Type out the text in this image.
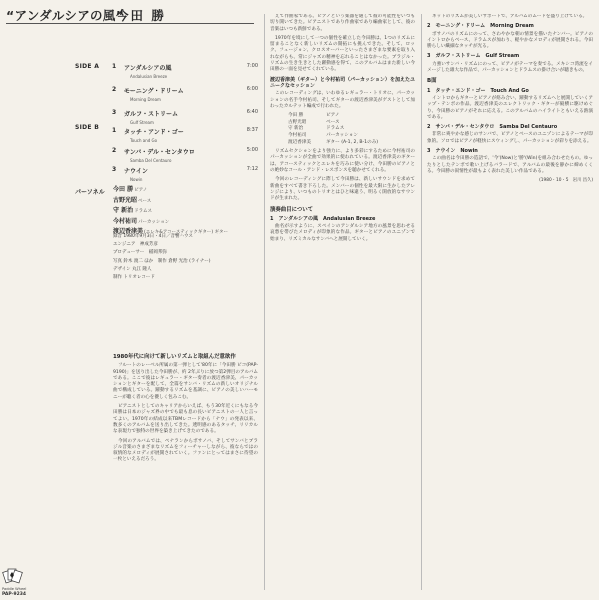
“アンダルシアの風”
今田 勝
SIDE A 1 アンダルシアの風
Andalusian Breeze
7:00
2 モーニング・ドリーム
Morning Dream
6:00
3 ガルフ・ストリーム
Gulf Stream
6:40
SIDE B 1 タッチ・アンド・ゴー
Touch and Go
8:37
2 サンバ・デル・センタウロ
Samba Del Centauro
5:00
3 ナウイン
Nowin
7:12
パーソネル 今田 勝ピアノ
古野光昭ベース
守 新治ドラムス
今村祐司パーカッション
渡辺香津美(エレキ&アコースティックギター) ギター
録音 1980年9月3日・4日／音響ハウス
エンジニア　神成芳彦
プロデューサー　稲岡邦弥
写真 鈴木 渡二 ほか　制作 倉野 光治 (ライナー)
デザイン 丸江 隆人
制作 トリオレコード

1980年代に向けて新しいリズムと取組んだ意欲作

フルートのレーベル所属の第一弾として'80年に「今田勝 ピコ(PAP-9190)」を送り出した今田勝が、約 2年ぶりに放つ第2弾目のアルバムである。ここで彼はレギュラー・ギター奏者の渡辺香津美、パーカッションとギターを配して、全篇をサンバ・リズムの新しいオリジナル曲で構成している。躍動するリズムを基調に、ピアノの美しいハーモニーが聴く者の心を優しく包みこむ。

ピアニストとしてのキャリアからいえば、もう30年近くにもなる今田勝は日本のジャズ界の中でも最も息の長いピアニストの一人と言ってよい。1970年の結成以来TBMレコードから「ナウ」の発表以来、数多くのアルバムを送り出してきた。透明感のあるタッチ、リリカルな表現力で独特の世界を築き上げてきたのである。

今回のアルバムでは、ペナランからボサノバ、そしてサンバとブラジル音楽のさまざまなリズムをフィーチャーしながら、彼ならではの叙情的なメロディが展開されていく。ファンにとってはまさに待望の一枚といえるだろう。

えて作曲家である。ピアノという楽器を通して彼の可能性をいつも切り開いてきた。ピアニストであり作曲家であり編曲家として、彼の音楽はいつも新鮮である。

1970年を境にして一つの個性を確立した今田勝は、1つのリズムに留まることなく新しいリズムの開拓にも挑んできた。そして、ロック、フュージョン、クロスオーバーといったさまざまな要素を取り入れながらも、常にジャズの精神を忘れることはなかった。ブラジル・リズムの生き生きとした躍動感を得て、このアルバムはまた新しい今田勝の一面を見せてくれている。

渡辺香津美（ギター）と今村祐司（パーカッション）を加えたユニークなセッション

このレコーディングは、いわゆるレギュラー・トリオに、パーカッションの名手今村祐司、そしてギターの渡辺香津美がゲストとして加わったカルテット編成で行われた。

今田 勝	ピアノ
古野光昭	ベース
守 新治	ドラムス
今村祐司	パーカッション
渡辺香津美	ギター (A-1, 2, B-1のみ)

リズムセクションをより強力に、より多彩にするために今村祐司のパーカッションが全曲で効果的に使われている。渡辺香津美のギターは、アコースティックとエレキを巧みに使い分け、今田勝のピアノとの絶妙なコール・アンド・レスポンスを聴かせてくれる。

今回のレコーディングに際して今田勝は、新しいサウンドを求めて新曲をすべて書き下ろした。メンバーの個性を最大限に生かしたアレンジにより、いつものトリオとはひと味違う、明るく開放的なサウンドが生まれた。

演奏曲目について

1　アンダルシアの風　Andalusian Breeze

曲名が示すように、スペインのアンダルシア地方の風景を思わせる哀愁を帯びたメロディが印象的な作品。ギターとピアノのユニゾンで始まり、リズミカルなサンバへと展開していく。

ネットのリズムが美しいサポートで、アルバムのムードを盛り上げている。

2　モーニング・ドリーム　Morning Dream

ボサノバのリズムにのって、さわやかな朝の情景を描いたナンバー。ピアノのイントロからベース、ドラムスが加わり、軽やかなメロディが展開される。今田勝らしい繊細なタッチが光る。

3　ガルフ・ストリーム　Gulf Stream

力強いサンバ・リズムにのって、ピアノがテーマを奏でる。メキシコ湾流をイメージした雄大な作品で、パーカッションとドラムスの掛け合いが聴きもの。

B面

1　タッチ・エンド・ゴー　Touch And Go

イントロからギターとピアノが絡み合い、躍動するリズムへと展開していくアップ・テンポの作品。渡辺香津美のエレクトリック・ギターが縦横に駆けめぐり、今田勝のピアノがそれに応える。このアルバムのハイライトともいえる熱演である。

2　サンバ・デル・センタウロ　Samba Del Centauro

非常に爽やかな感じのサンバで、ピアノとベースのユニゾンによるテーマが印象的。ソロではピアノが軽快にスウィングし、パーカッションが彩りを添える。

3　ナウイン　Nowin

この曲名は今田勝の造語で、'今'(Now)と'勝'(Win)を組み合わせたもの。ゆったりとしたテンポで歌い上げるバラードで、アルバムの最後を静かに締めくくる。今田勝の叙情性が最もよく表れた美しい作品である。

(1980・10・5　岩川 昌久)
Paddle Wheel
PAP-9234
